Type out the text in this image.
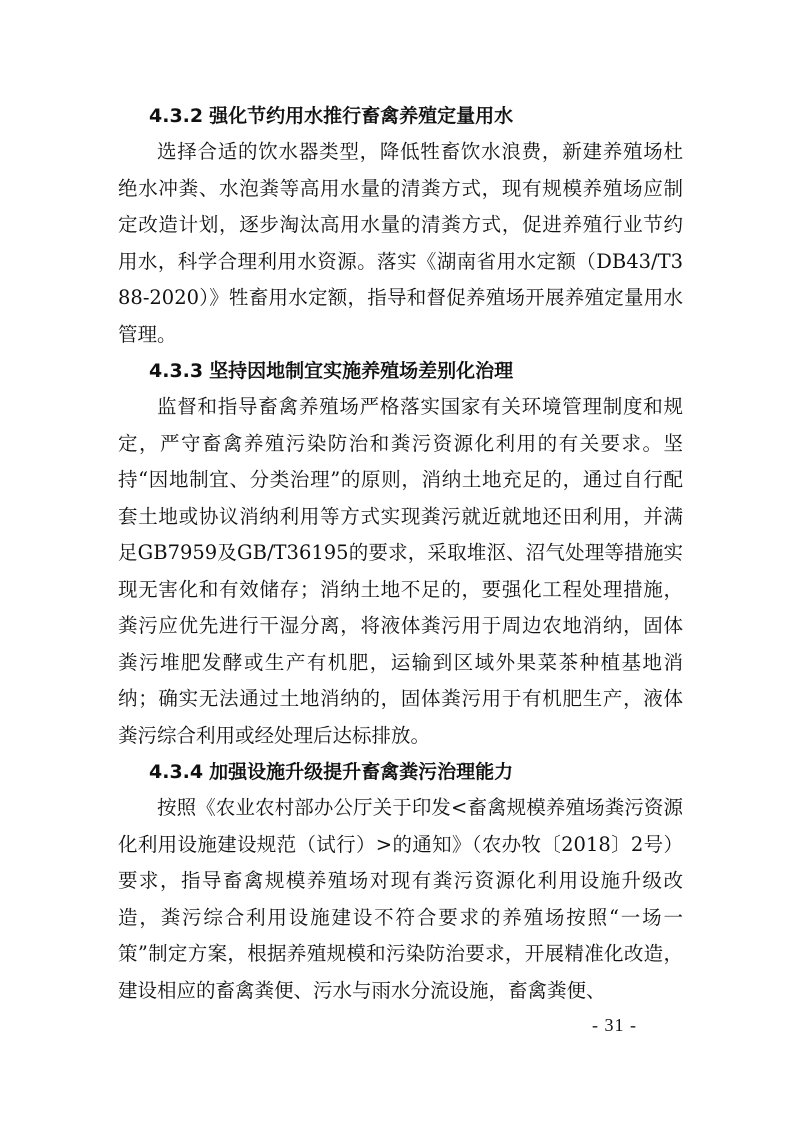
4.3.2 强化节约用水推行畜禽养殖定量用水

选择合适的饮水器类型，降低牲畜饮水浪费，新建养殖场杜绝水冲粪、水泡粪等高用水量的清粪方式，现有规模养殖场应制定改造计划，逐步淘汰高用水量的清粪方式，促进养殖行业节约用水，科学合理利用水资源。落实《湖南省用水定额（DB43/T388-2020）》牲畜用水定额，指导和督促养殖场开展养殖定量用水管理。

4.3.3 坚持因地制宜实施养殖场差别化治理

监督和指导畜禽养殖场严格落实国家有关环境管理制度和规定，严守畜禽养殖污染防治和粪污资源化利用的有关要求。坚持“因地制宜、分类治理”的原则，消纳土地充足的，通过自行配套土地或协议消纳利用等方式实现粪污就近就地还田利用，并满足GB7959及GB/T36195的要求，采取堆沤、沼气处理等措施实现无害化和有效储存；消纳土地不足的，要强化工程处理措施，粪污应优先进行干湿分离，将液体粪污用于周边农地消纳，固体粪污堆肥发酵或生产有机肥，运输到区域外果菜茶种植基地消纳；确实无法通过土地消纳的，固体粪污用于有机肥生产，液体粪污综合利用或经处理后达标排放。

4.3.4 加强设施升级提升畜禽粪污治理能力

按照《农业农村部办公厅关于印发<畜禽规模养殖场粪污资源化利用设施建设规范（试行）>的通知》（农办牧〔2018〕2号）要求，指导畜禽规模养殖场对现有粪污资源化利用设施升级改造，粪污综合利用设施建设不符合要求的养殖场按照“一场一策”制定方案，根据养殖规模和污染防治要求，开展精准化改造，建设相应的畜禽粪便、污水与雨水分流设施，畜禽粪便、

- 31 -
